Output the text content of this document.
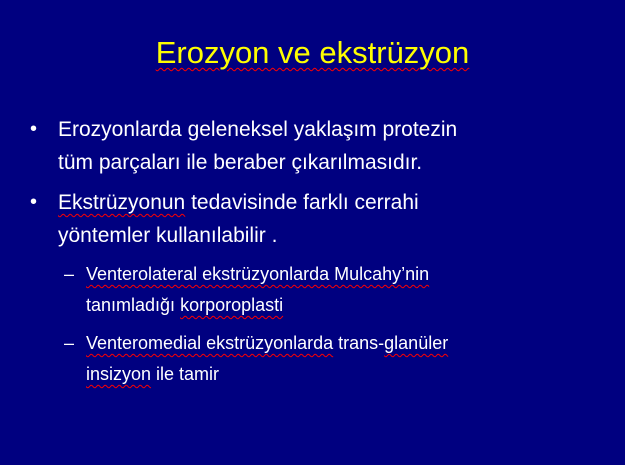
Erozyon ve ekstrüzyon
• Erozyonlarda geleneksel yaklaşım protezin
tüm parçaları ile beraber çıkarılmasıdır.
• Ekstrüzyonun tedavisinde farklı cerrahi
yöntemler kullanılabilir .
– Venterolateral ekstrüzyonlarda Mulcahy’nin
tanımladığı korporoplasti
– Venteromedial ekstrüzyonlarda trans-glanüler
insizyon ile tamir
